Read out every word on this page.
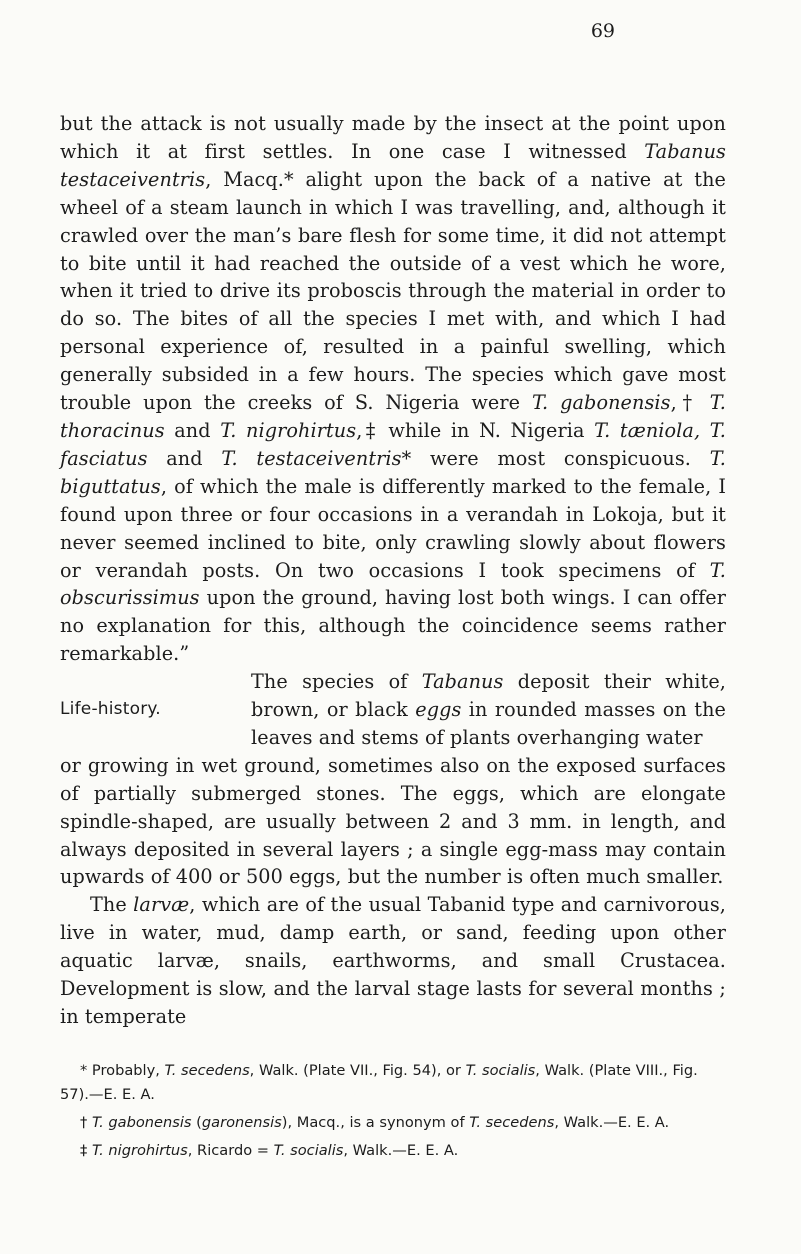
69

but the attack is not usually made by the insect at the point upon which it at first settles. In one case I witnessed Tabanus testaceiventris, Macq.* alight upon the back of a native at the wheel of a steam launch in which I was travelling, and, although it crawled over the man’s bare flesh for some time, it did not attempt to bite until it had reached the outside of a vest which he wore, when it tried to drive its proboscis through the material in order to do so. The bites of all the species I met with, and which I had personal experience of, resulted in a painful swelling, which generally subsided in a few hours. The species which gave most trouble upon the creeks of S. Nigeria were T. gabonensis,† T. thoracinus and T. nigrohirtus,‡ while in N. Nigeria T. tæniola, T. fasciatus and T. testaceiventris* were most conspicuous. T. biguttatus, of which the male is differently marked to the female, I found upon three or four occasions in a verandah in Lokoja, but it never seemed inclined to bite, only crawling slowly about flowers or verandah posts. On two occasions I took specimens of T. obscurissimus upon the ground, having lost both wings. I can offer no explanation for this, although the coincidence seems rather remarkable.”

Life-history.

The species of Tabanus deposit their white, brown, or black eggs in rounded masses on the leaves and stems of plants overhanging water

or growing in wet ground, sometimes also on the exposed surfaces of partially submerged stones. The eggs, which are elongate spindle-shaped, are usually between 2 and 3 mm. in length, and always deposited in several layers ; a single egg-mass may contain upwards of 400 or 500 eggs, but the number is often much smaller.

The larvæ, which are of the usual Tabanid type and carnivorous, live in water, mud, damp earth, or sand, feeding upon other aquatic larvæ, snails, earthworms, and small Crustacea. Development is slow, and the larval stage lasts for several months ; in temperate

* Probably, T. secedens, Walk. (Plate VII., Fig. 54), or T. socialis, Walk. (Plate VIII., Fig. 57).—E. E. A.

† T. gabonensis (garonensis), Macq., is a synonym of T. secedens, Walk.—E. E. A.

‡ T. nigrohirtus, Ricardo = T. socialis, Walk.—E. E. A.
